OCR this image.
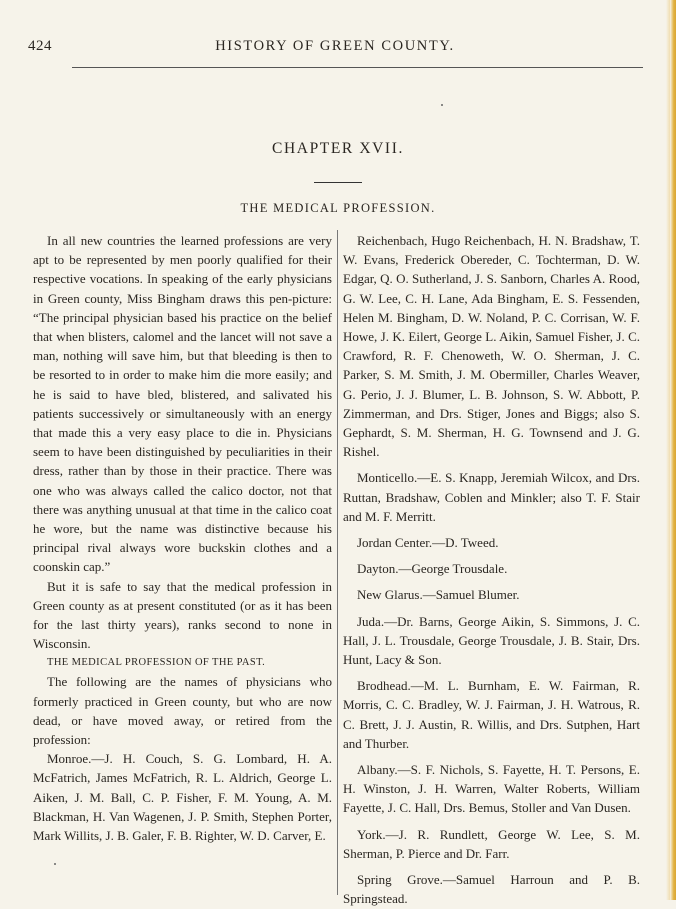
424	HISTORY OF GREEN COUNTY.
CHAPTER XVII.
THE MEDICAL PROFESSION.

In all new countries the learned professions are very apt to be represented by men poorly qualified for their respective vocations. In speaking of the early physicians in Green county, Miss Bingham draws this pen-picture: “The principal physician based his practice on the belief that when blisters, calomel and the lancet will not save a man, nothing will save him, but that bleeding is then to be resorted to in order to make him die more easily; and he is said to have bled, blistered, and salivated his patients successively or simultaneously with an energy that made this a very easy place to die in. Physicians seem to have been distinguished by peculiarities in their dress, rather than by those in their practice. There was one who was always called the calico doctor, not that there was anything unusual at that time in the calico coat he wore, but the name was distinctive because his principal rival always wore buckskin clothes and a coonskin cap.”

But it is safe to say that the medical profession in Green county as at present constituted (or as it has been for the last thirty years), ranks second to none in Wisconsin.

THE MEDICAL PROFESSION OF THE PAST.

The following are the names of physicians who formerly practiced in Green county, but who are now dead, or have moved away, or retired from the profession:

Monroe.—J. H. Couch, S. G. Lombard, H. A. McFatrich, James McFatrich, R. L. Aldrich, George L. Aiken, J. M. Ball, C. P. Fisher, F. M. Young, A. M. Blackman, H. Van Wagenen, J. P. Smith, Stephen Porter, Mark Willits, J. B. Galer, F. B. Righter, W. D. Carver, E.

Reichenbach, Hugo Reichenbach, H. N. Bradshaw, T. W. Evans, Frederick Obereder, C. Tochterman, D. W. Edgar, Q. O. Sutherland, J. S. Sanborn, Charles A. Rood, G. W. Lee, C. H. Lane, Ada Bingham, E. S. Fessenden, Helen M. Bingham, D. W. Noland, P. C. Corrisan, W. F. Howe, J. K. Eilert, George L. Aikin, Samuel Fisher, J. C. Crawford, R. F. Chenoweth, W. O. Sherman, J. C. Parker, S. M. Smith, J. M. Obermiller, Charles Weaver, G. Perio, J. J. Blumer, L. B. Johnson, S. W. Abbott, P. Zimmerman, and Drs. Stiger, Jones and Biggs; also S. Gephardt, S. M. Sherman, H. G. Townsend and J. G. Rishel.

Monticello.—E. S. Knapp, Jeremiah Wilcox, and Drs. Ruttan, Bradshaw, Coblen and Minkler; also T. F. Stair and M. F. Merritt.

Jordan Center.—D. Tweed.

Dayton.—George Trousdale.

New Glarus.—Samuel Blumer.

Juda.—Dr. Barns, George Aikin, S. Simmons, J. C. Hall, J. L. Trousdale, George Trousdale, J. B. Stair, Drs. Hunt, Lacy & Son.

Brodhead.—M. L. Burnham, E. W. Fairman, R. Morris, C. C. Bradley, W. J. Fairman, J. H. Watrous, R. C. Brett, J. J. Austin, R. Willis, and Drs. Sutphen, Hart and Thurber.

Albany.—S. F. Nichols, S. Fayette, H. T. Persons, E. H. Winston, J. H. Warren, Walter Roberts, William Fayette, J. C. Hall, Drs. Bemus, Stoller and Van Dusen.

York.—J. R. Rundlett, George W. Lee, S. M. Sherman, P. Pierce and Dr. Farr.

Spring Grove.—Samuel Harroun and P. B. Springstead.
